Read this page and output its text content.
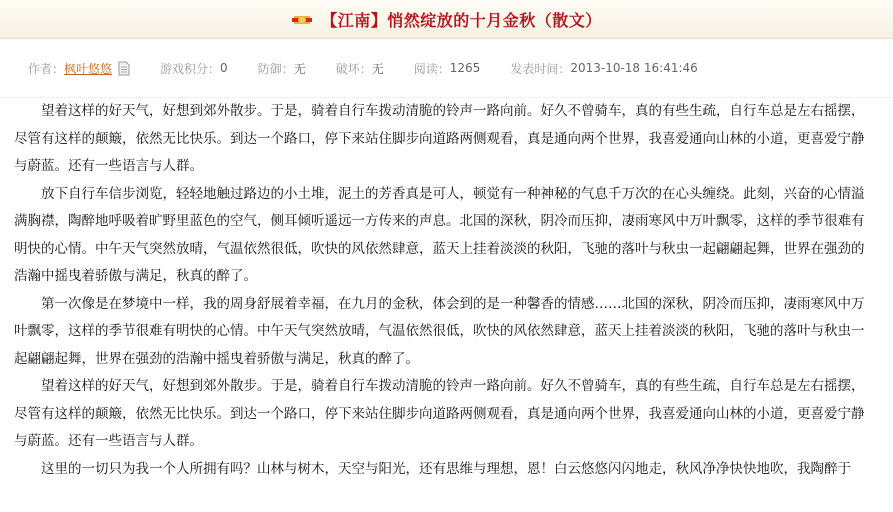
【江南】悄然绽放的十月金秋（散文）
作者： 枫叶悠悠	游戏积分： 0	防御： 无	破坏： 无	阅读： 1265	发表时间： 2013-10-18 16:41:46

望着这样的好天气，好想到郊外散步。于是，骑着自行车拨动清脆的铃声一路向前。好久不曾骑车，真的有些生疏，自行车总是左右摇摆，尽管有这样的颠簸，依然无比快乐。到达一个路口，停下来站住脚步向道路两侧观看，真是通向两个世界，我喜爱通向山林的小道，更喜爱宁静与蔚蓝。还有一些语言与人群。

放下自行车信步浏览，轻轻地触过路边的小土堆，泥土的芳香真是可人，顿觉有一种神秘的气息千万次的在心头缠绕。此刻，兴奋的心情溢满胸襟，陶醉地呼吸着旷野里蓝色的空气，侧耳倾听遥远一方传来的声息。北国的深秋，阴冷而压抑，凄雨寒风中万叶飘零，这样的季节很难有明快的心情。中午天气突然放晴，气温依然很低，吹快的风依然肆意，蓝天上挂着淡淡的秋阳，飞驰的落叶与秋虫一起翩翩起舞，世界在强劲的浩瀚中摇曳着骄傲与满足，秋真的醉了。

第一次像是在梦境中一样，我的周身舒展着幸福，在九月的金秋，体会到的是一种馨香的情感……北国的深秋，阴冷而压抑，凄雨寒风中万叶飘零，这样的季节很难有明快的心情。中午天气突然放晴，气温依然很低，吹快的风依然肆意，蓝天上挂着淡淡的秋阳，飞驰的落叶与秋虫一起翩翩起舞，世界在强劲的浩瀚中摇曳着骄傲与满足，秋真的醉了。

望着这样的好天气，好想到郊外散步。于是，骑着自行车拨动清脆的铃声一路向前。好久不曾骑车，真的有些生疏，自行车总是左右摇摆，尽管有这样的颠簸，依然无比快乐。到达一个路口，停下来站住脚步向道路两侧观看，真是通向两个世界，我喜爱通向山林的小道，更喜爱宁静与蔚蓝。还有一些语言与人群。

这里的一切只为我一个人所拥有吗？山林与树木，天空与阳光，还有思维与理想，恩！白云悠悠闪闪地走，秋风净净快快地吹，我陶醉于
